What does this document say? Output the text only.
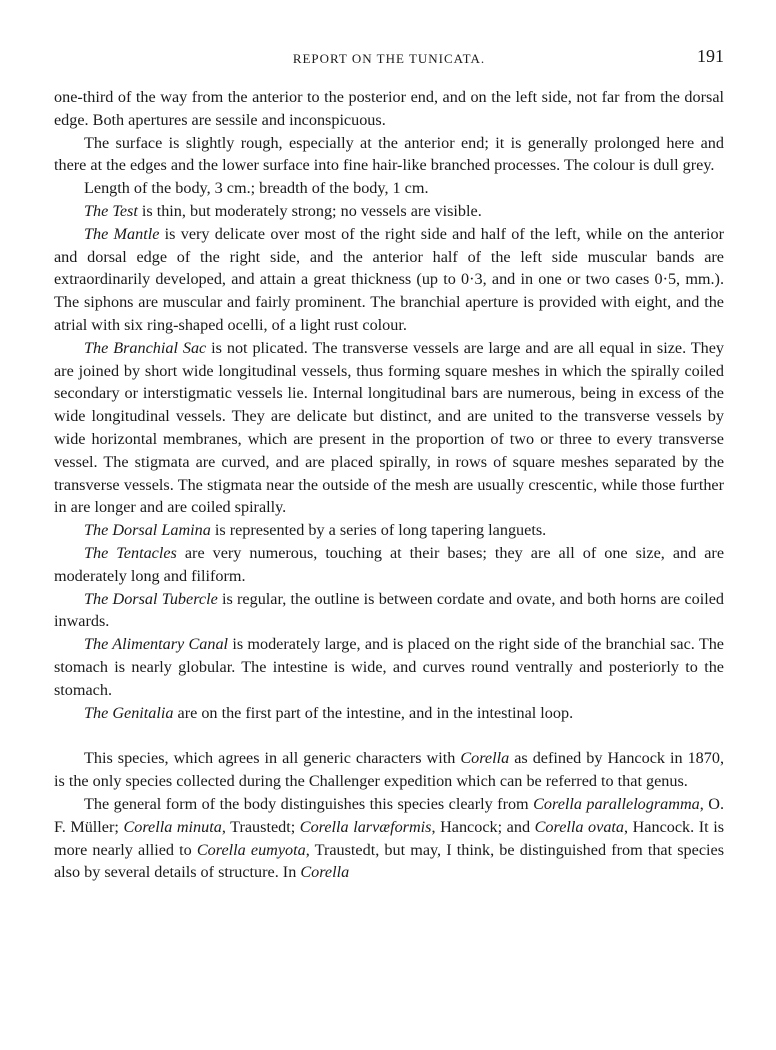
REPORT ON THE TUNICATA.	191

one-third of the way from the anterior to the posterior end, and on the left side, not far from the dorsal edge. Both apertures are sessile and inconspicuous.

The surface is slightly rough, especially at the anterior end; it is generally prolonged here and there at the edges and the lower surface into fine hair-like branched processes. The colour is dull grey.

Length of the body, 3 cm.; breadth of the body, 1 cm.

The Test is thin, but moderately strong; no vessels are visible.

The Mantle is very delicate over most of the right side and half of the left, while on the anterior and dorsal edge of the right side, and the anterior half of the left side muscular bands are extraordinarily developed, and attain a great thickness (up to 0·3, and in one or two cases 0·5, mm.). The siphons are muscular and fairly prominent. The branchial aperture is provided with eight, and the atrial with six ring-shaped ocelli, of a light rust colour.

The Branchial Sac is not plicated. The transverse vessels are large and are all equal in size. They are joined by short wide longitudinal vessels, thus forming square meshes in which the spirally coiled secondary or interstigmatic vessels lie. Internal longitudinal bars are numerous, being in excess of the wide longitudinal vessels. They are delicate but distinct, and are united to the transverse vessels by wide horizontal membranes, which are present in the proportion of two or three to every transverse vessel. The stigmata are curved, and are placed spirally, in rows of square meshes separated by the transverse vessels. The stigmata near the outside of the mesh are usually crescentic, while those further in are longer and are coiled spirally.

The Dorsal Lamina is represented by a series of long tapering languets.

The Tentacles are very numerous, touching at their bases; they are all of one size, and are moderately long and filiform.

The Dorsal Tubercle is regular, the outline is between cordate and ovate, and both horns are coiled inwards.

The Alimentary Canal is moderately large, and is placed on the right side of the branchial sac. The stomach is nearly globular. The intestine is wide, and curves round ventrally and posteriorly to the stomach.

The Genitalia are on the first part of the intestine, and in the intestinal loop.

This species, which agrees in all generic characters with Corella as defined by Hancock in 1870, is the only species collected during the Challenger expedition which can be referred to that genus.

The general form of the body distinguishes this species clearly from Corella parallelogramma, O. F. Müller; Corella minuta, Traustedt; Corella larvæformis, Hancock; and Corella ovata, Hancock. It is more nearly allied to Corella eumyota, Traustedt, but may, I think, be distinguished from that species also by several details of structure. In Corella
